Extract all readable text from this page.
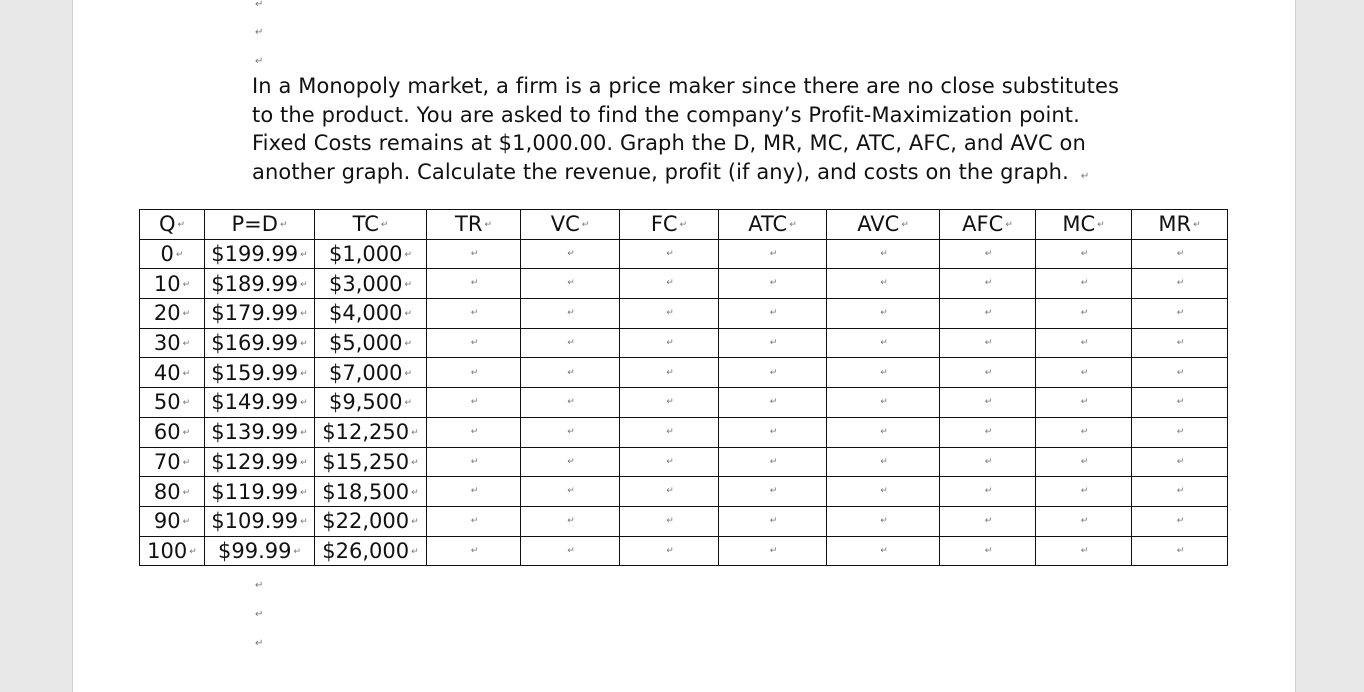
↵
↵
↵
In a Monopoly market, a firm is a price maker since there are no close substitutes to the product. You are asked to find the company’s Profit-Maximization point. Fixed Costs remains at $1,000.00. Graph the D, MR, MC, ATC, AFC, and AVC on another graph. Calculate the revenue, profit (if any), and costs on the graph. ↵
Q ↵	P=D ↵	TC ↵	TR ↵	VC ↵	FC ↵	ATC ↵	AVC ↵	AFC ↵	MC ↵	MR ↵
0 ↵	$199.99 ↵	$1,000 ↵	↵	↵	↵	↵	↵	↵	↵	↵
10 ↵	$189.99 ↵	$3,000 ↵	↵	↵	↵	↵	↵	↵	↵	↵
20 ↵	$179.99 ↵	$4,000 ↵	↵	↵	↵	↵	↵	↵	↵	↵
30 ↵	$169.99 ↵	$5,000 ↵	↵	↵	↵	↵	↵	↵	↵	↵
40 ↵	$159.99 ↵	$7,000 ↵	↵	↵	↵	↵	↵	↵	↵	↵
50 ↵	$149.99 ↵	$9,500 ↵	↵	↵	↵	↵	↵	↵	↵	↵
60 ↵	$139.99 ↵	$12,250 ↵	↵	↵	↵	↵	↵	↵	↵	↵
70 ↵	$129.99 ↵	$15,250 ↵	↵	↵	↵	↵	↵	↵	↵	↵
80 ↵	$119.99 ↵	$18,500 ↵	↵	↵	↵	↵	↵	↵	↵	↵
90 ↵	$109.99 ↵	$22,000 ↵	↵	↵	↵	↵	↵	↵	↵	↵
100 ↵	$99.99 ↵	$26,000 ↵	↵	↵	↵	↵	↵	↵	↵	↵
↵
↵
↵
